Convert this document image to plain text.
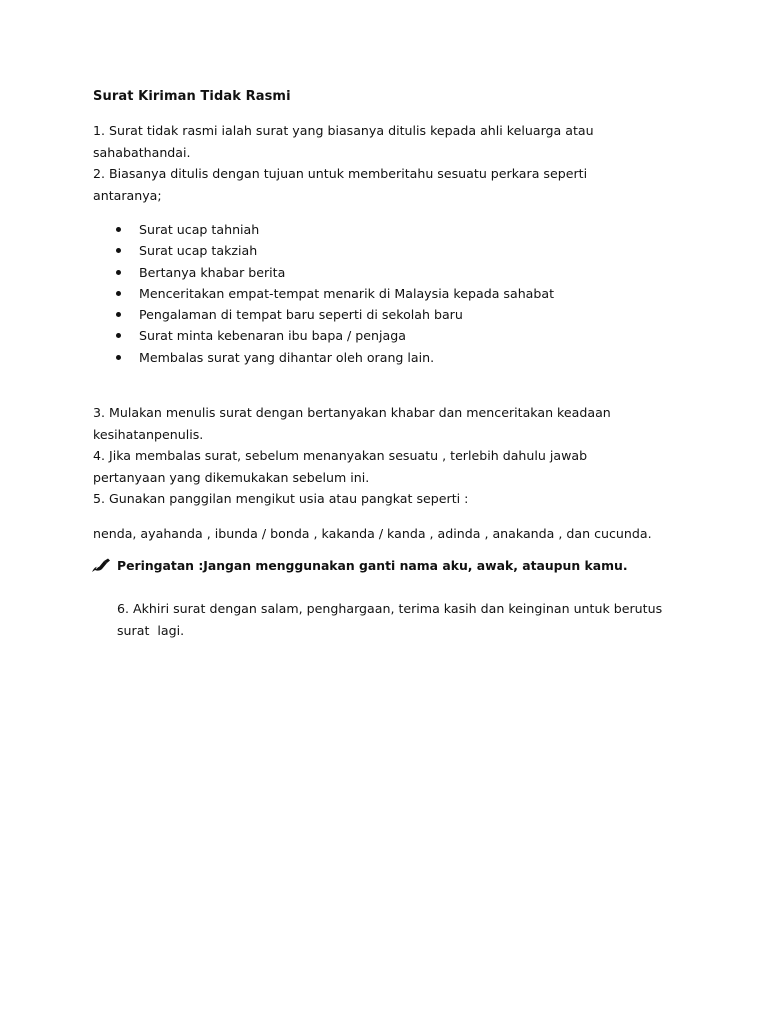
Surat Kiriman Tidak Rasmi
1. Surat tidak rasmi ialah surat yang biasanya ditulis kepada ahli keluarga atau
sahabathandai.
2. Biasanya ditulis dengan tujuan untuk memberitahu sesuatu perkara seperti
antaranya;
Surat ucap tahniah
Surat ucap takziah
Bertanya khabar berita
Menceritakan empat-tempat menarik di Malaysia kepada sahabat
Pengalaman di tempat baru seperti di sekolah baru
Surat minta kebenaran ibu bapa / penjaga
Membalas surat yang dihantar oleh orang lain.
3. Mulakan menulis surat dengan bertanyakan khabar dan menceritakan keadaan
kesihatanpenulis.
4. Jika membalas surat, sebelum menanyakan sesuatu , terlebih dahulu jawab
pertanyaan yang dikemukakan sebelum ini.
5. Gunakan panggilan mengikut usia atau pangkat seperti :
nenda, ayahanda , ibunda / bonda , kakanda / kanda , adinda , anakanda , dan cucunda.
Peringatan :Jangan menggunakan ganti nama aku, awak, ataupun kamu.
6. Akhiri surat dengan salam, penghargaan, terima kasih dan keinginan untuk berutus
surat  lagi.
